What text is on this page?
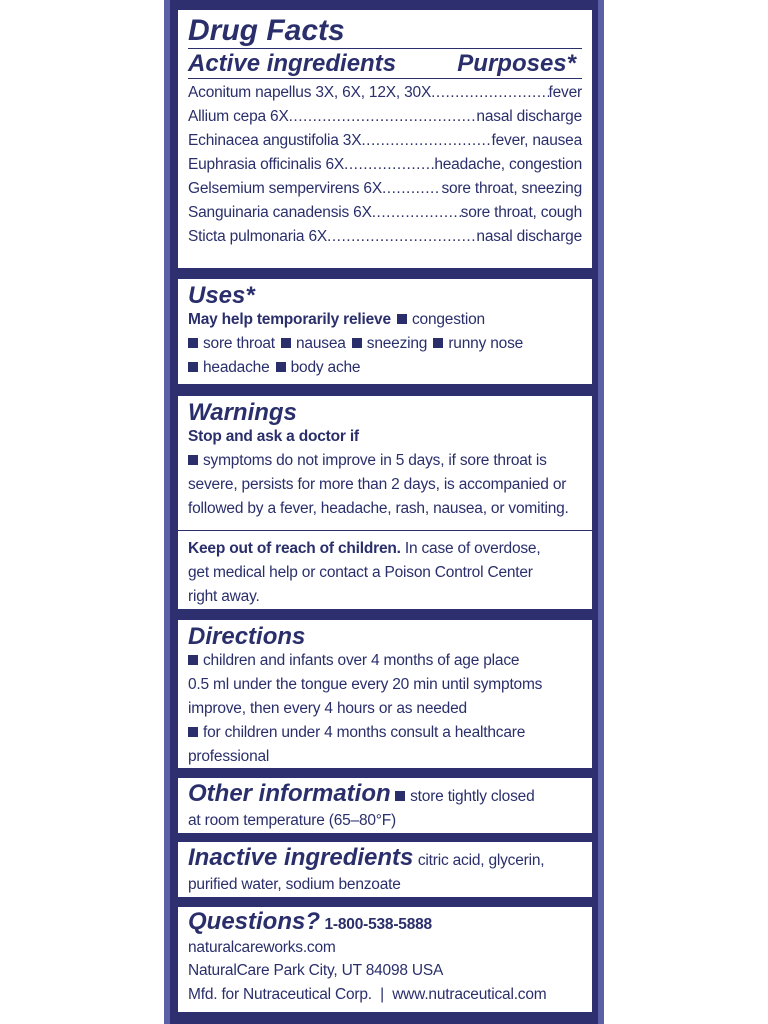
Drug Facts
Active ingredients	Purposes*
Aconitum napellus 3X, 6X, 12X, 30X .....	fever
Allium cepa 6X .....	nasal discharge
Echinacea angustifolia 3X .....	fever, nausea
Euphrasia officinalis 6X .....	headache, congestion
Gelsemium sempervirens 6X .....	sore throat, sneezing
Sanguinaria canadensis 6X .....	sore throat, cough
Sticta pulmonaria 6X .....	nasal discharge
Uses*
May help temporarily relieve congestion
sore throat nausea sneezing runny nose
headache body ache
Warnings
Stop and ask a doctor if
symptoms do not improve in 5 days, if sore throat is
severe, persists for more than 2 days, is accompanied or
followed by a fever, headache, rash, nausea, or vomiting.
Keep out of reach of children. In case of overdose,
get medical help or contact a Poison Control Center
right away.
Directions
children and infants over 4 months of age place
0.5 ml under the tongue every 20 min until symptoms
improve, then every 4 hours or as needed
for children under 4 months consult a healthcare
professional
Other information store tightly closed
at room temperature (65–80°F)
Inactive ingredients citric acid, glycerin,
purified water, sodium benzoate
Questions? 1-800-538-5888
naturalcareworks.com
NaturalCare Park City, UT 84098 USA
Mfd. for Nutraceutical Corp. | www.nutraceutical.com
